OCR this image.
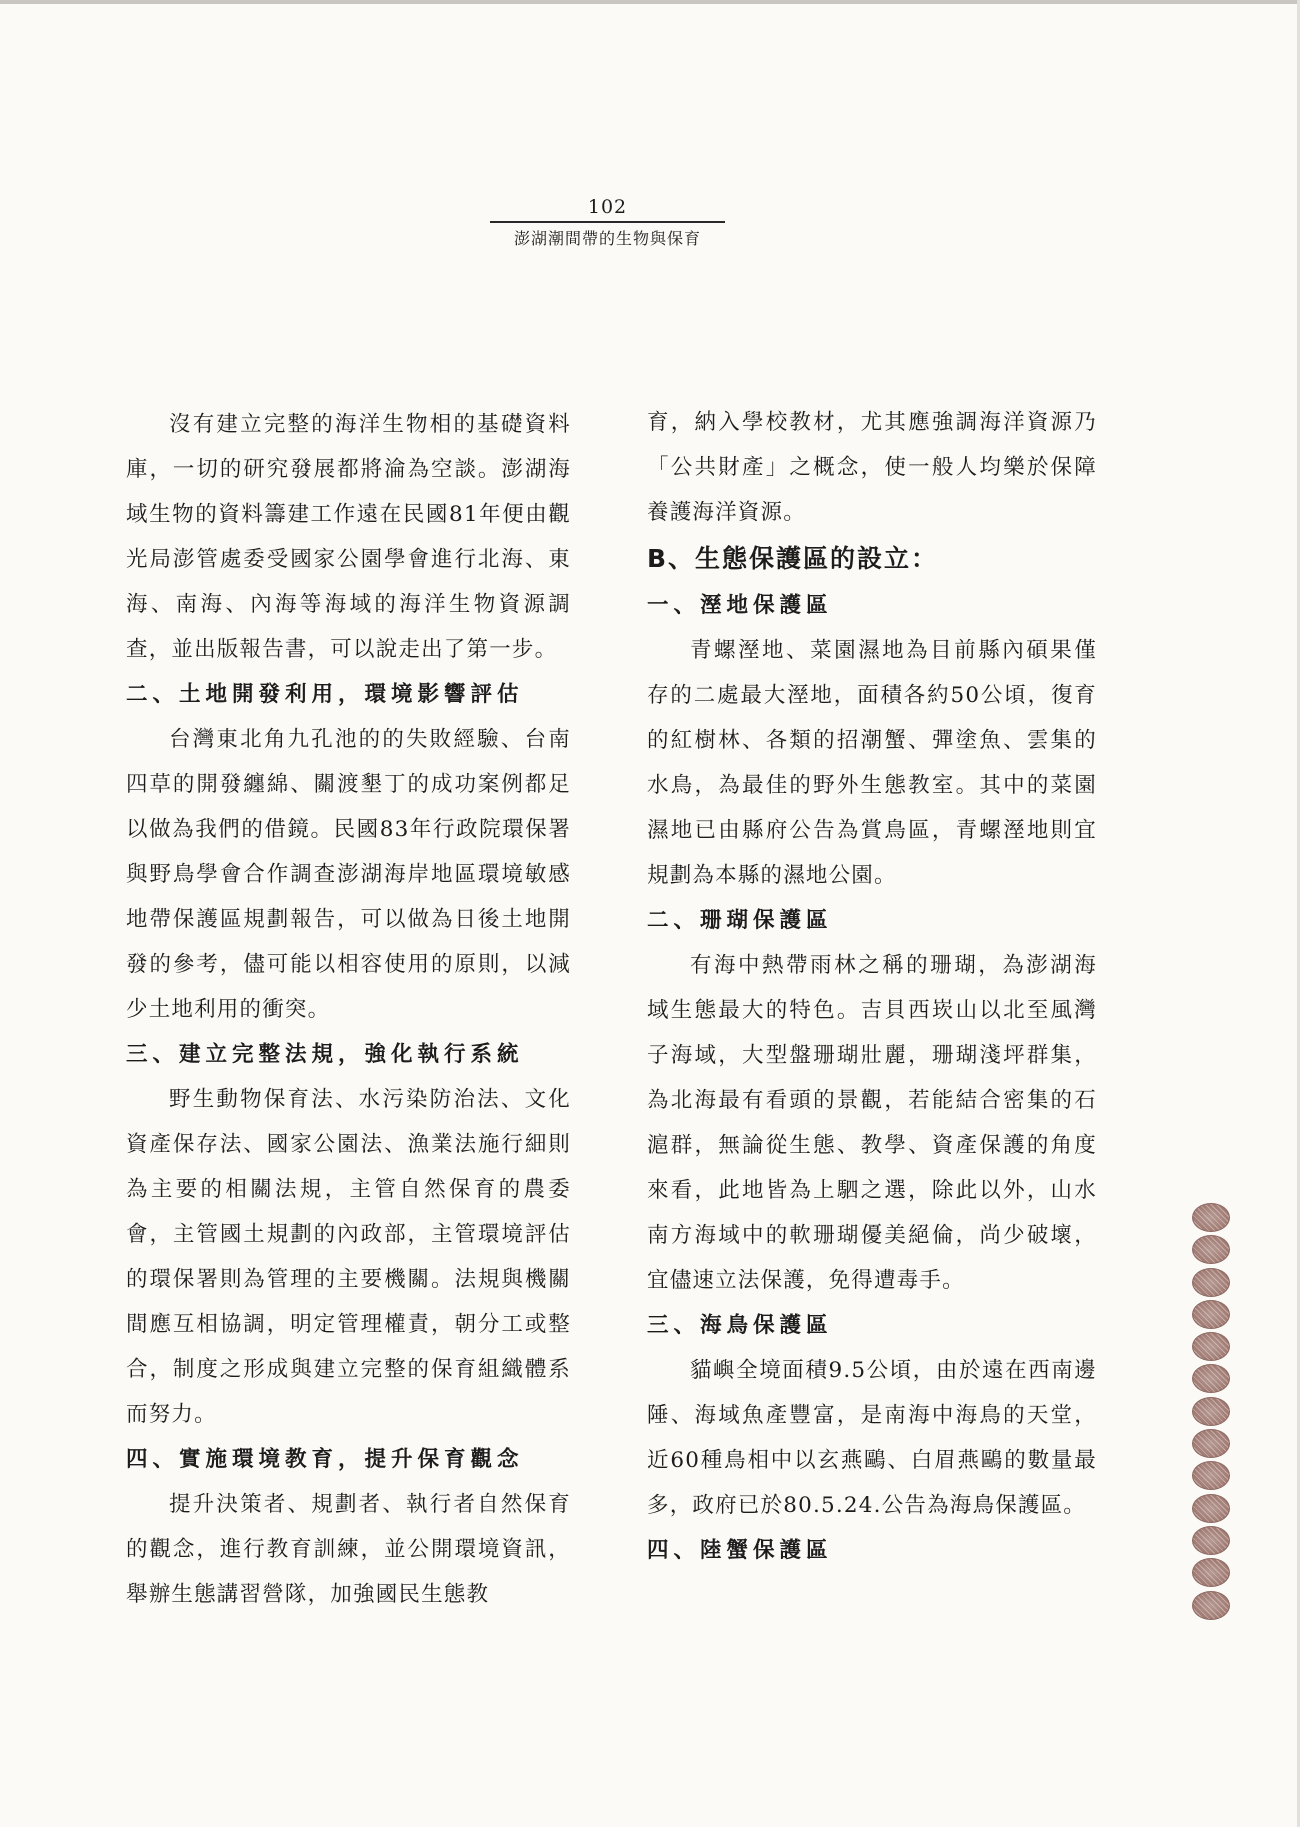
102
澎湖潮間帶的生物與保育

沒有建立完整的海洋生物相的基礎資料庫，一切的研究發展都將淪為空談。澎湖海域生物的資料籌建工作遠在民國81年便由觀光局澎管處委受國家公園學會進行北海、東海、南海、內海等海域的海洋生物資源調查，並出版報告書，可以說走出了第一步。

二、土地開發利用，環境影響評估

台灣東北角九孔池的的失敗經驗、台南四草的開發纏綿、關渡墾丁的成功案例都足以做為我們的借鏡。民國83年行政院環保署與野鳥學會合作調查澎湖海岸地區環境敏感地帶保護區規劃報告，可以做為日後土地開發的參考，儘可能以相容使用的原則，以減少土地利用的衝突。

三、建立完整法規，強化執行系統

野生動物保育法、水污染防治法、文化資產保存法、國家公園法、漁業法施行細則為主要的相關法規，主管自然保育的農委會，主管國土規劃的內政部，主管環境評估的環保署則為管理的主要機關。法規與機關間應互相協調，明定管理權責，朝分工或整合，制度之形成與建立完整的保育組織體系而努力。

四、實施環境教育，提升保育觀念

提升決策者、規劃者、執行者自然保育的觀念，進行教育訓練，並公開環境資訊，舉辦生態講習營隊，加強國民生態教

育，納入學校教材，尤其應強調海洋資源乃「公共財產」之概念，使一般人均樂於保障養護海洋資源。

B、生態保護區的設立：

一、溼地保護區

青螺溼地、菜園濕地為目前縣內碩果僅存的二處最大溼地，面積各約50公頃，復育的紅樹林、各類的招潮蟹、彈塗魚、雲集的水鳥，為最佳的野外生態教室。其中的菜園濕地已由縣府公告為賞鳥區，青螺溼地則宜規劃為本縣的濕地公園。

二、珊瑚保護區

有海中熱帶雨林之稱的珊瑚，為澎湖海域生態最大的特色。吉貝西崁山以北至風灣子海域，大型盤珊瑚壯麗，珊瑚淺坪群集，為北海最有看頭的景觀，若能結合密集的石滬群，無論從生態、教學、資產保護的角度來看，此地皆為上駟之選，除此以外，山水南方海域中的軟珊瑚優美絕倫，尚少破壞，宜儘速立法保護，免得遭毒手。

三、海鳥保護區

貓嶼全境面積9.5公頃，由於遠在西南邊陲、海域魚產豐富，是南海中海鳥的天堂，近60種鳥相中以玄燕鷗、白眉燕鷗的數量最多，政府已於80.5.24.公告為海鳥保護區。

四、陸蟹保護區
